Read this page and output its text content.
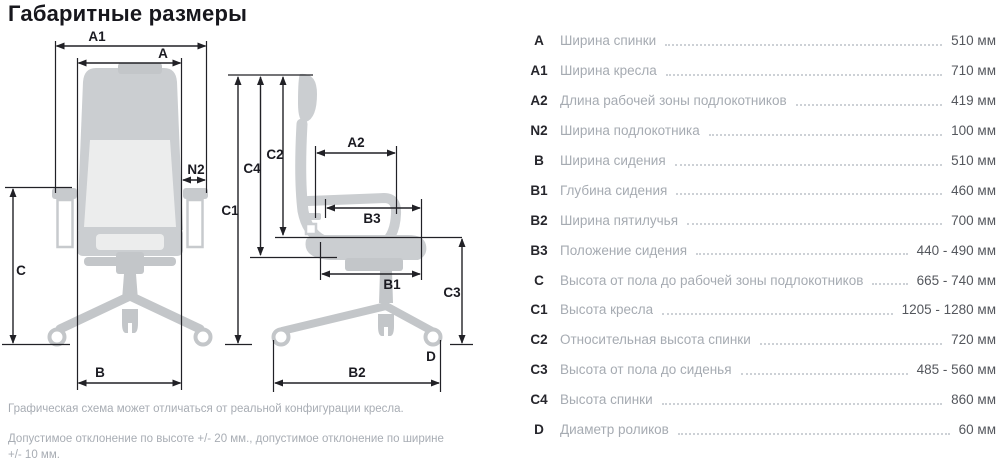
Габаритные размеры
A1
A
N2
C
B
C1
C4
C2
A2
B3
B1
C3
D
B2
A	Ширина спинки	510 мм
A1 Ширина кресла	710 мм
A2 Длина рабочей зоны подлокотников	419 мм
N2 Ширина подлокотника	100 мм
B	Ширина сидения	510 мм
B1 Глубина сидения	460 мм
B2 Ширина пятилучья	700 мм
B3 Положение сидения	440 - 490 мм
C	Высота от пола до рабочей зоны подлокотников	665 - 740 мм
C1 Высота кресла	1205 - 1280 мм
C2 Относительная высота спинки	720 мм
C3 Высота от пола до сиденья	485 - 560 мм
C4 Высота спинки	860 мм
D	Диаметр роликов	60 мм

Графическая схема может отличаться от реальной конфигурации кресла.

Допустимое отклонение по высоте +/- 20 мм., допустимое отклонение по ширине +/- 10 мм.
